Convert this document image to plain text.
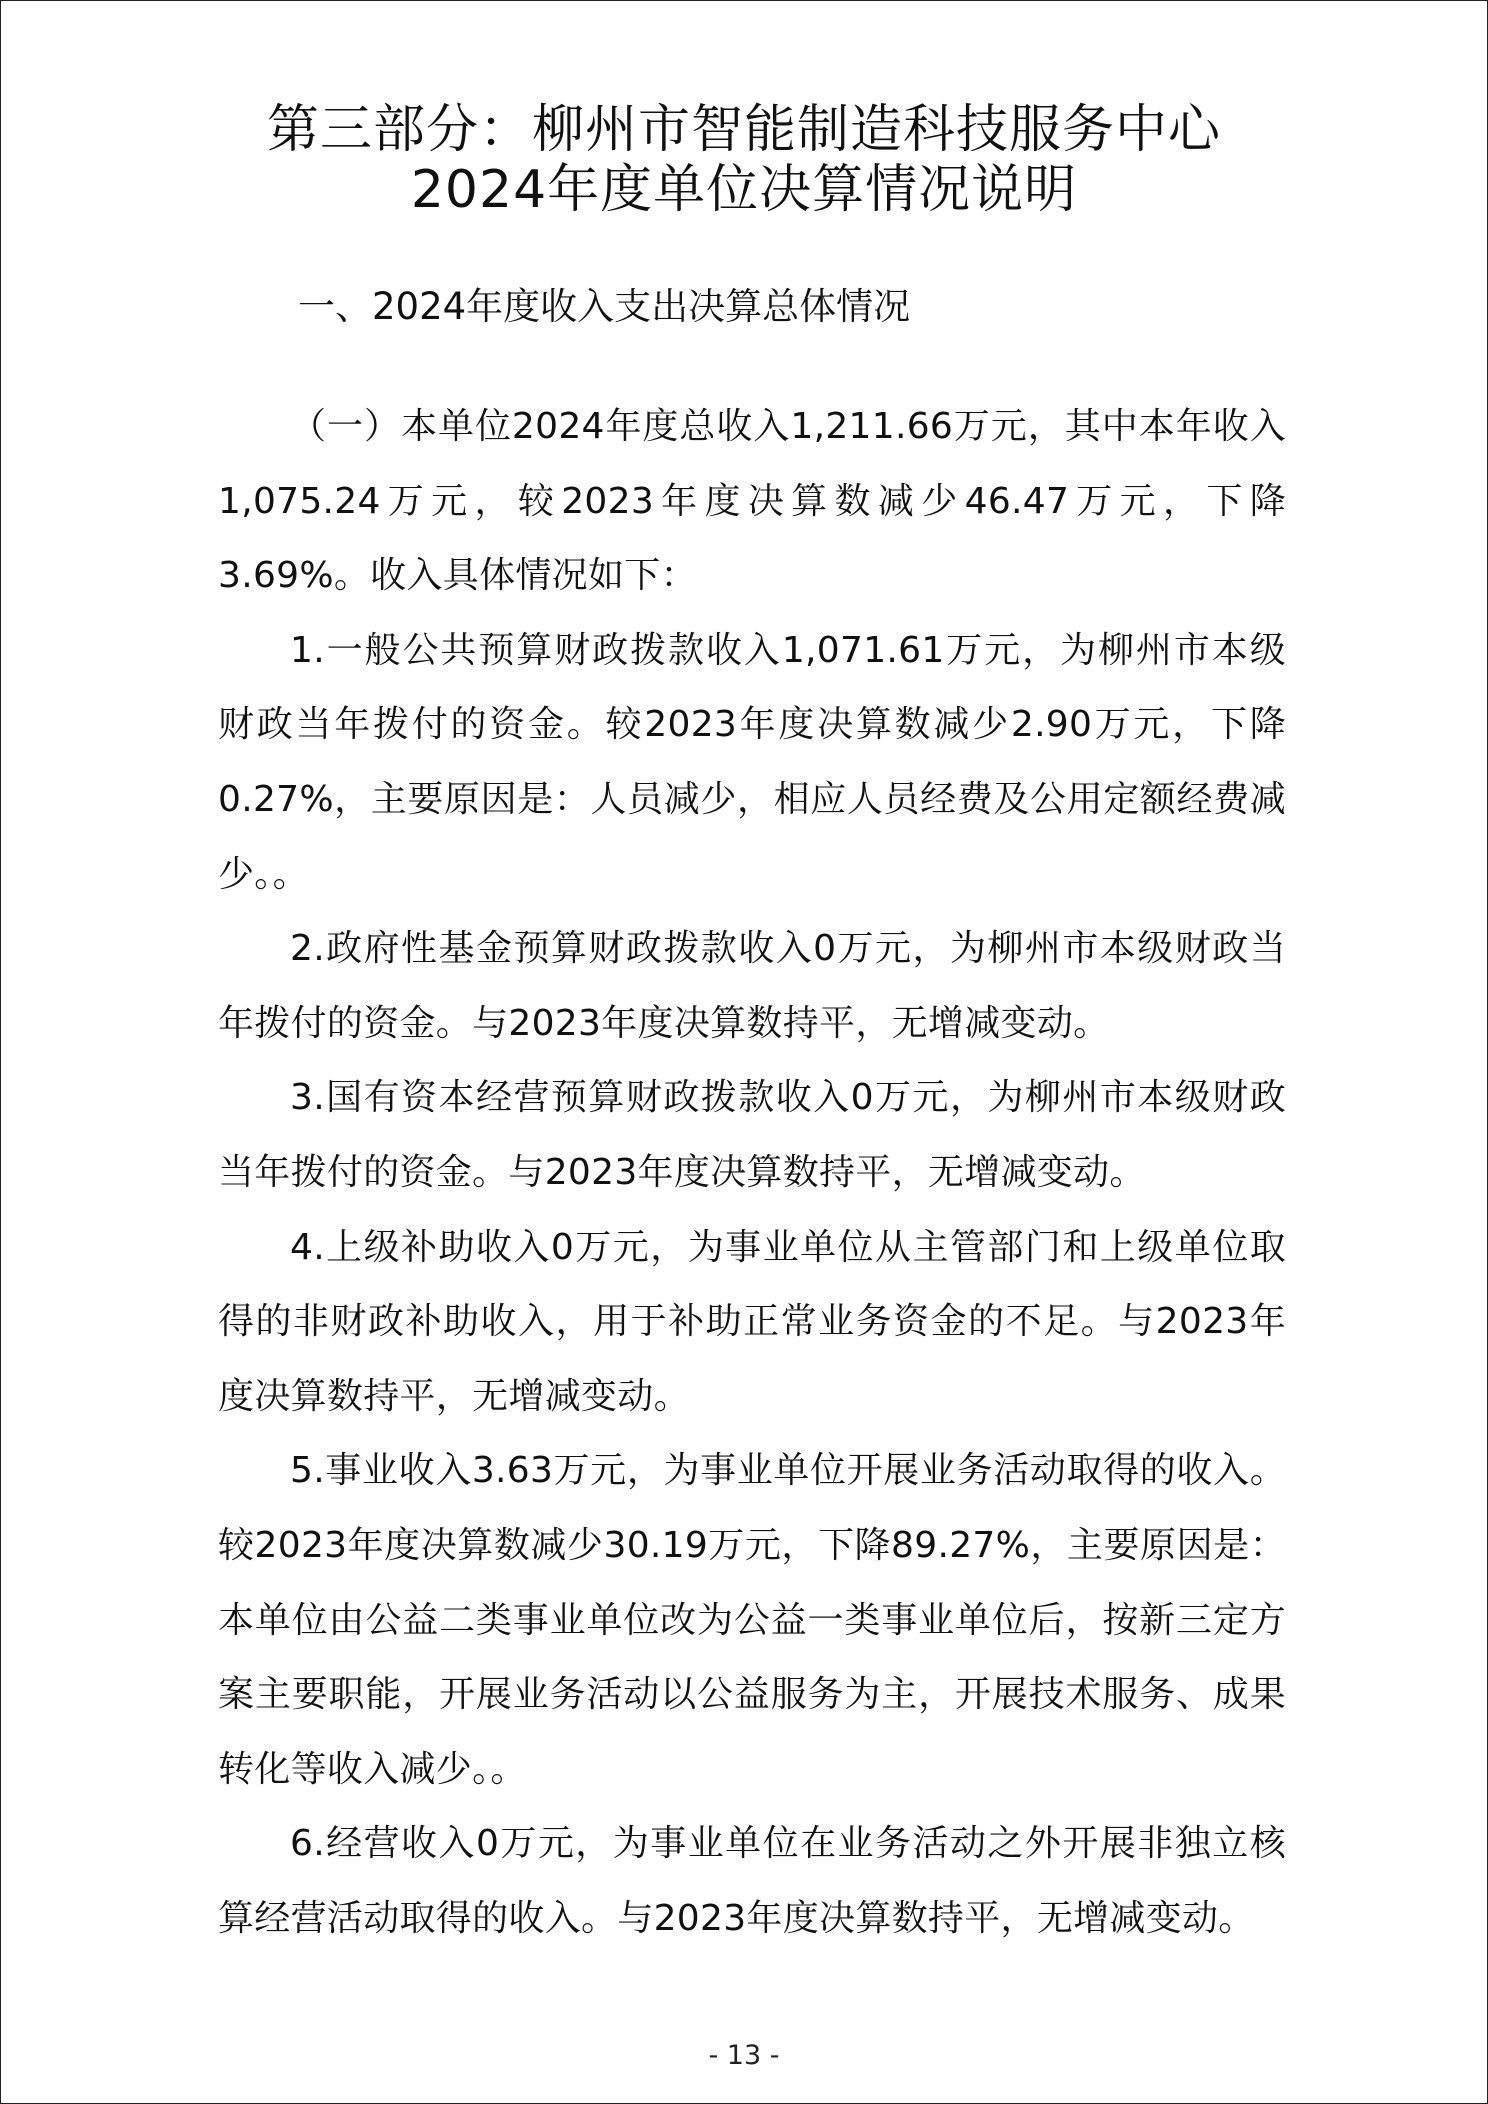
第三部分：柳州市智能制造科技服务中心
2024年度单位决算情况说明
一、2024年度收入支出决算总体情况

（一）本单位2024年度总收入1,211.66万元，其中本年收入1,075.24万元，较2023年度决算数减少46.47万元，下降3.69%。收入具体情况如下：

1.一般公共预算财政拨款收入1,071.61万元，为柳州市本级财政当年拨付的资金。较2023年度决算数减少2.90万元，下降0.27%，主要原因是：人员减少，相应人员经费及公用定额经费减少。。

2.政府性基金预算财政拨款收入0万元，为柳州市本级财政当年拨付的资金。与2023年度决算数持平，无增减变动。

3.国有资本经营预算财政拨款收入0万元，为柳州市本级财政当年拨付的资金。与2023年度决算数持平，无增减变动。

4.上级补助收入0万元，为事业单位从主管部门和上级单位取得的非财政补助收入，用于补助正常业务资金的不足。与2023年度决算数持平，无增减变动。

5.事业收入3.63万元，为事业单位开展业务活动取得的收入。较2023年度决算数减少30.19万元，下降89.27%，主要原因是：本单位由公益二类事业单位改为公益一类事业单位后，按新三定方案主要职能，开展业务活动以公益服务为主，开展技术服务、成果转化等收入减少。。

6.经营收入0万元，为事业单位在业务活动之外开展非独立核算经营活动取得的收入。与2023年度决算数持平，无增减变动。

- 13 -
